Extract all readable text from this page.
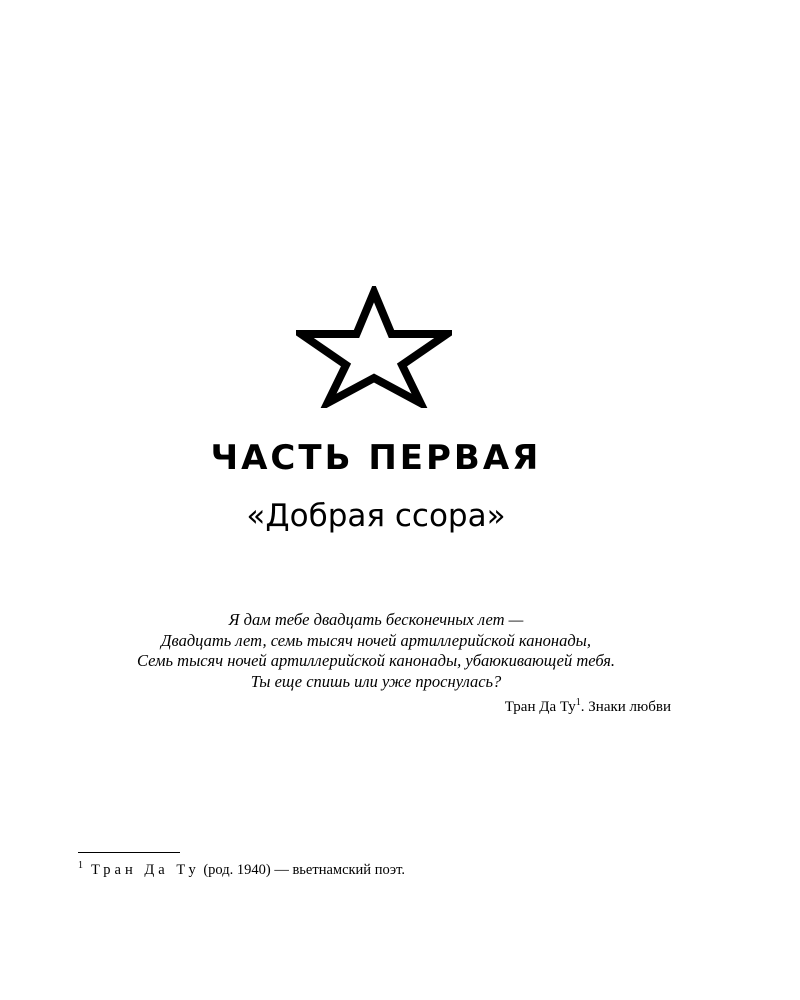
ЧАСТЬ ПЕРВАЯ
«Добрая ссора»
Я дам тебе двадцать бесконечных лет —
Двадцать лет, семь тысяч ночей артиллерийской канонады,
Семь тысяч ночей артиллерийской канонады, убаюкивающей тебя.
Ты еще спишь или уже проснулась?
Тран Да $Ту^1$. Знаки любви
$^1$ Тран Да Ту (род. 1940) — вьетнамский поэт.
